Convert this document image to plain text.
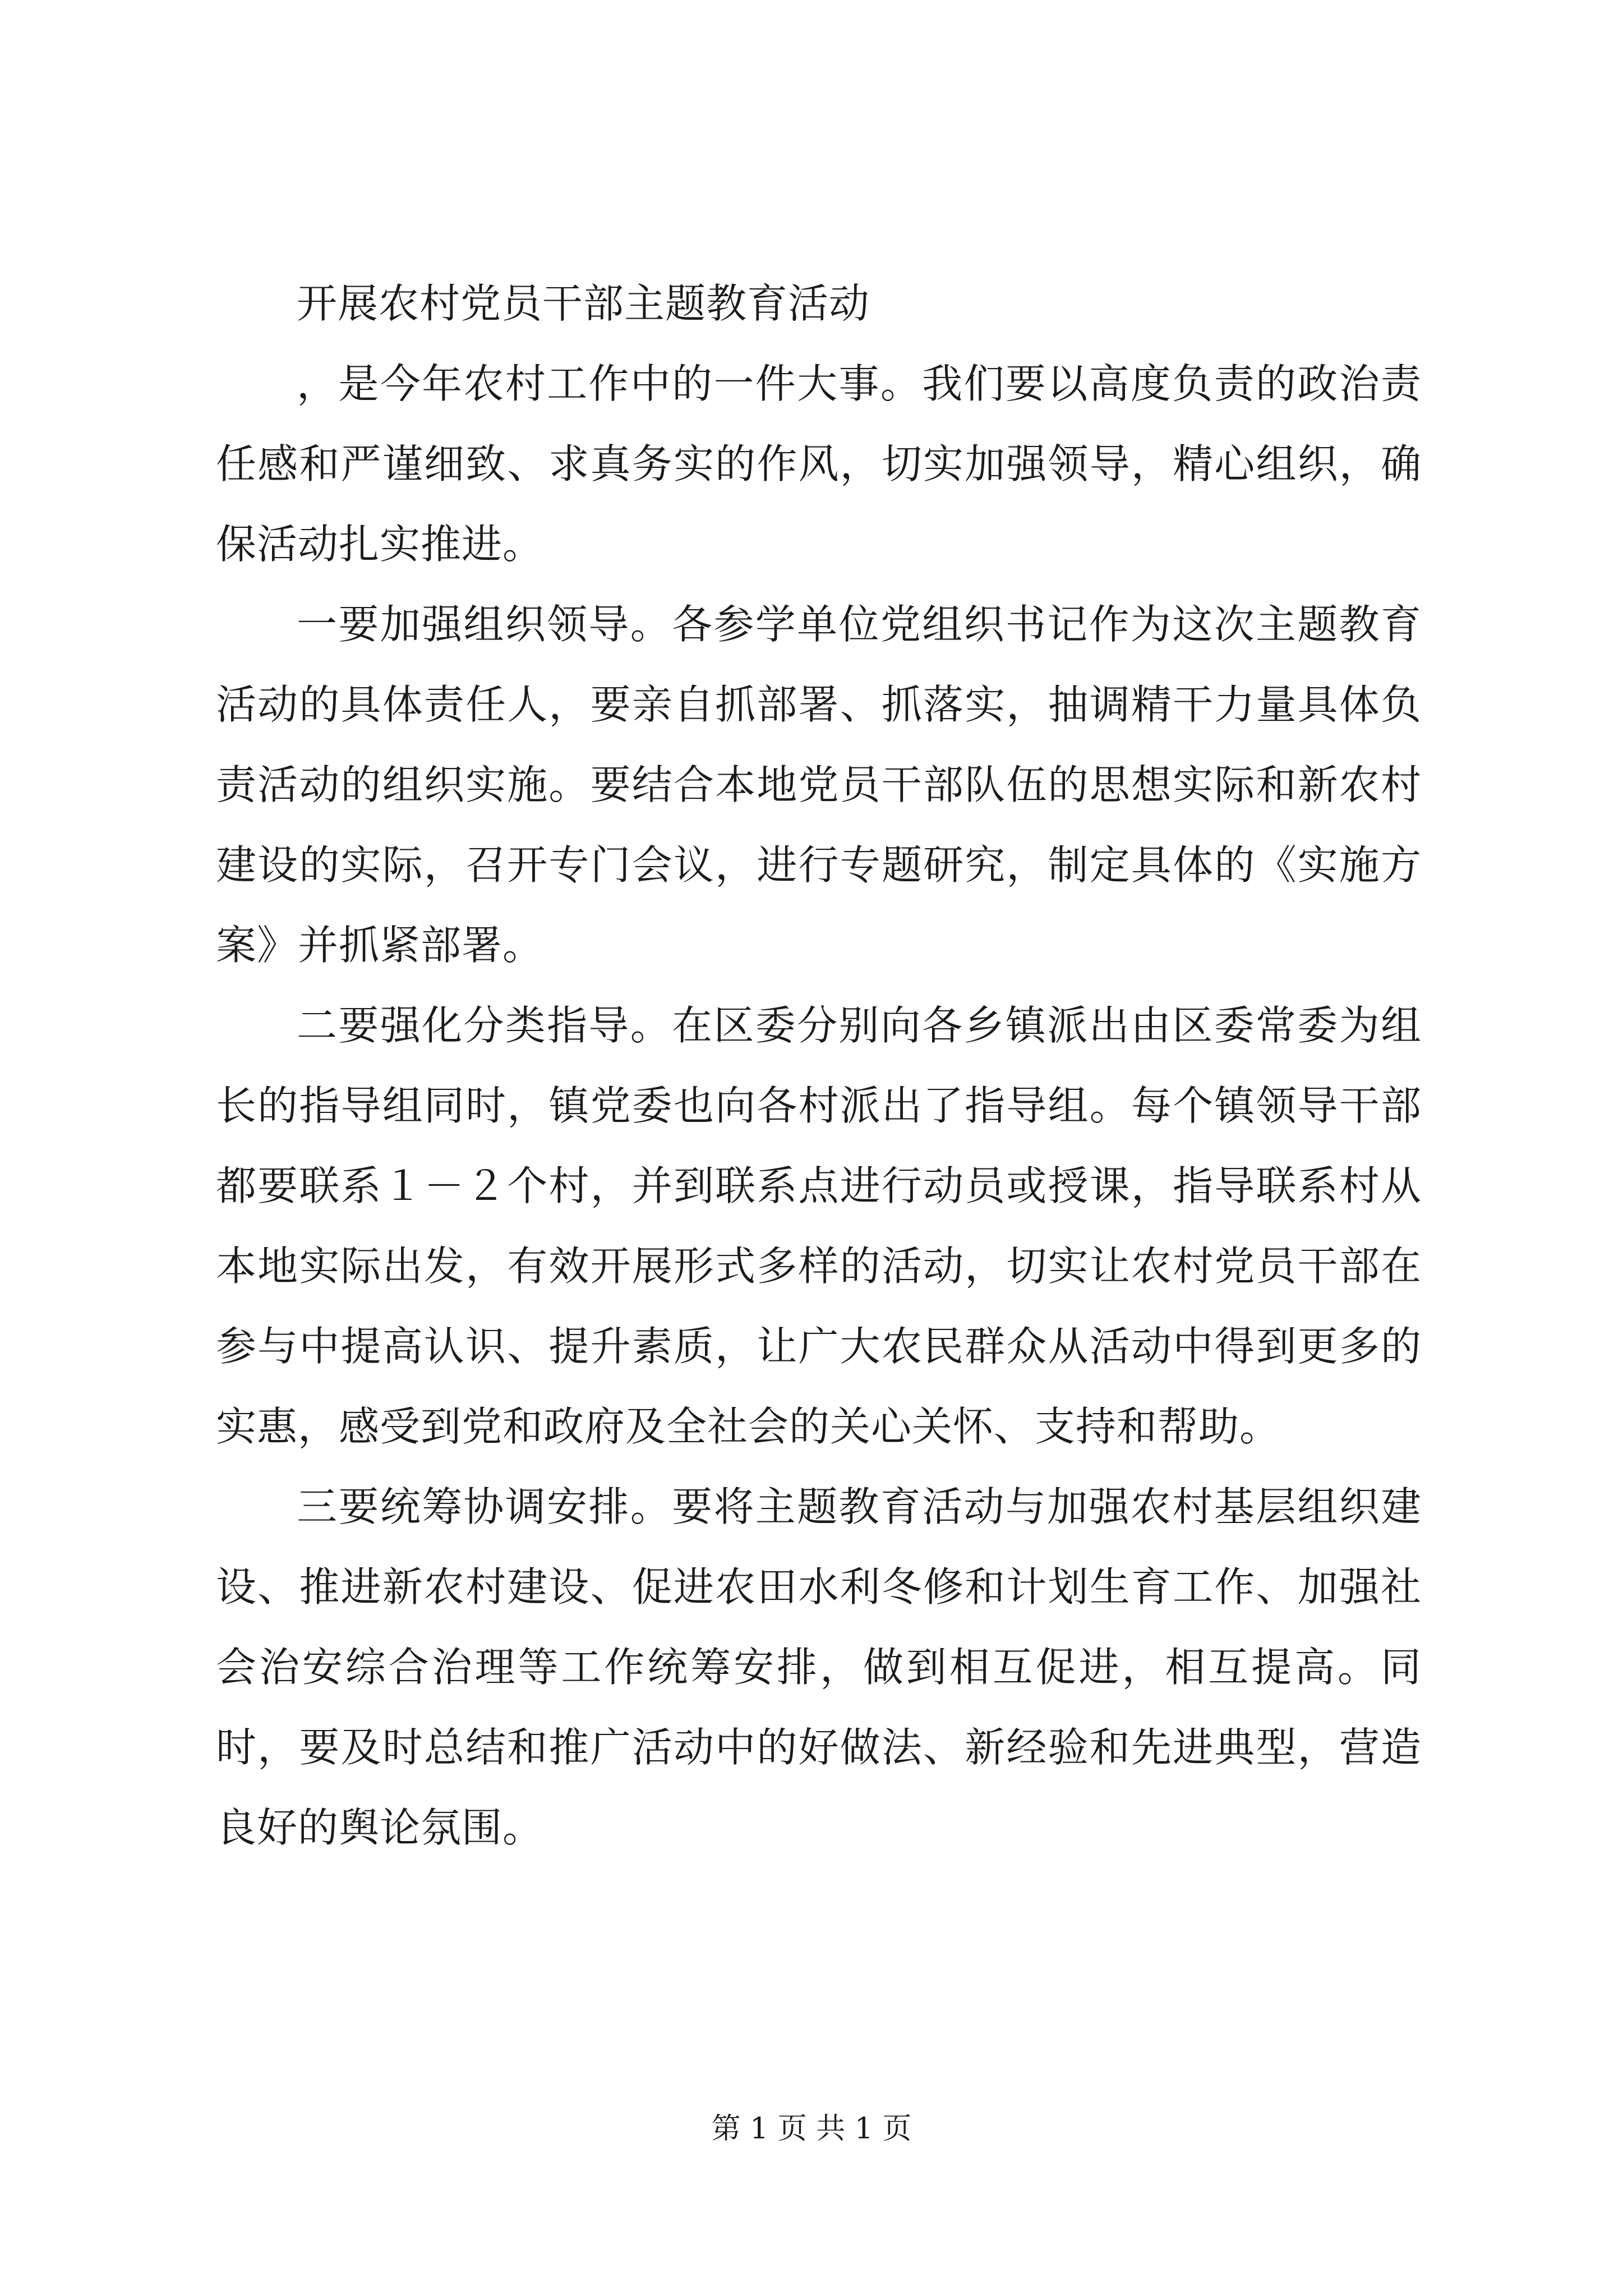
开展农村党员干部主题教育活动

，是今年农村工作中的一件大事。我们要以高度负责的政治责任感和严谨细致、求真务实的作风，切实加强领导，精心组织，确保活动扎实推进。

一要加强组织领导。各参学单位党组织书记作为这次主题教育活动的具体责任人，要亲自抓部署、抓落实，抽调精干力量具体负责活动的组织实施。要结合本地党员干部队伍的思想实际和新农村建设的实际，召开专门会议，进行专题研究，制定具体的《实施方案》并抓紧部署。

二要强化分类指导。在区委分别向各乡镇派出由区委常委为组长的指导组同时，镇党委也向各村派出了指导组。每个镇领导干部都要联系１－２个村，并到联系点进行动员或授课，指导联系村从本地实际出发，有效开展形式多样的活动，切实让农村党员干部在参与中提高认识、提升素质，让广大农民群众从活动中得到更多的实惠，感受到党和政府及全社会的关心关怀、支持和帮助。

三要统筹协调安排。要将主题教育活动与加强农村基层组织建设、推进新农村建设、促进农田水利冬修和计划生育工作、加强社会治安综合治理等工作统筹安排，做到相互促进，相互提高。同时，要及时总结和推广活动中的好做法、新经验和先进典型，营造良好的舆论氛围。

第 1 页 共 1 页
